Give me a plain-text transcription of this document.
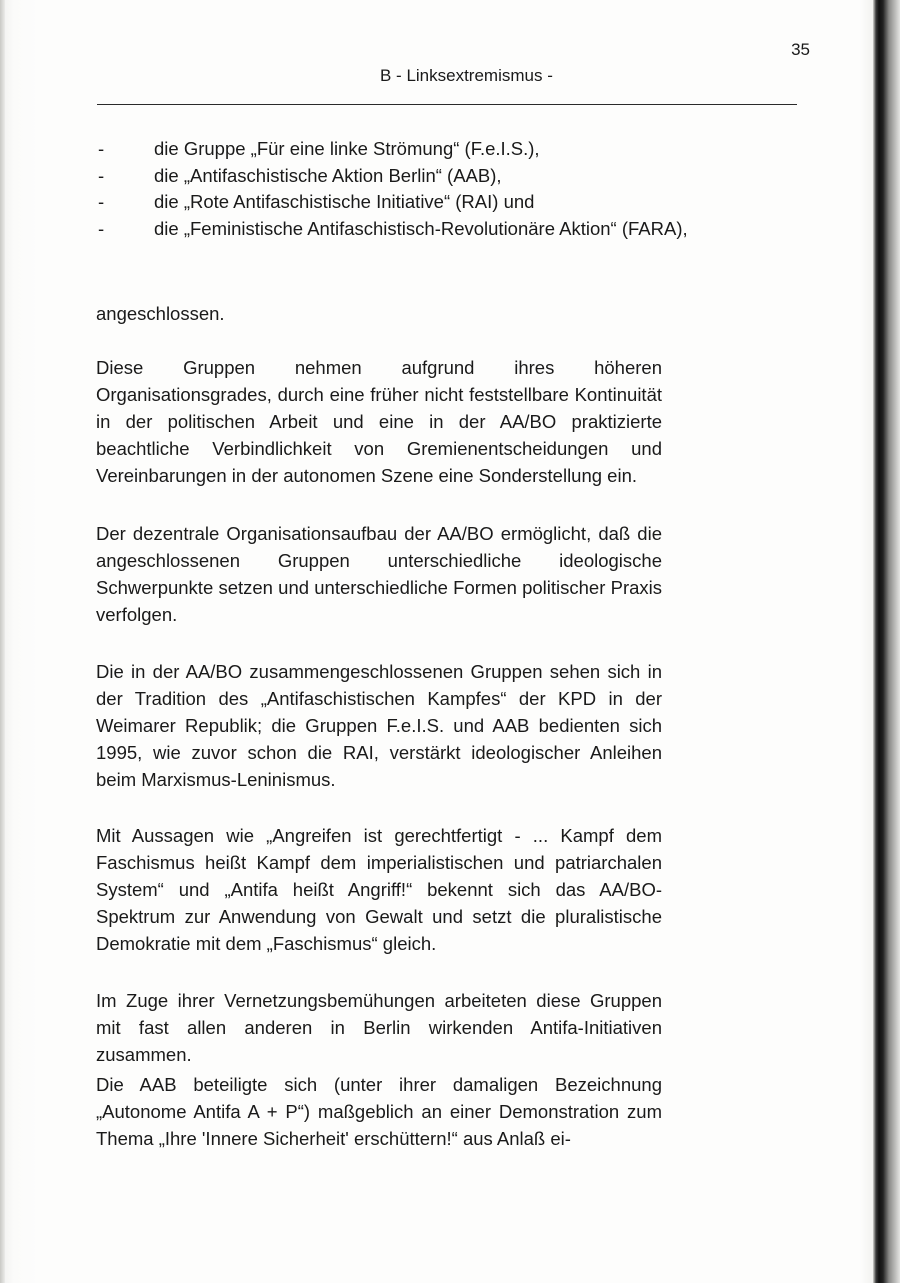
35
B - Linksextremismus -
-	die Gruppe „Für eine linke Strömung“ (F.e.I.S.),
-	die „Antifaschistische Aktion Berlin“ (AAB),
-	die „Rote Antifaschistische Initiative“ (RAI) und
-	die „Feministische Antifaschistisch-Revolutionäre Aktion“ (FARA),

angeschlossen.

Diese Gruppen nehmen aufgrund ihres höheren Organisationsgrades, durch eine früher nicht feststellbare Kontinuität in der politischen Arbeit und eine in der AA/BO praktizierte beachtliche Verbindlichkeit von Gremienentscheidungen und Vereinbarungen in der autonomen Szene eine Sonderstellung ein.

Der dezentrale Organisationsaufbau der AA/BO ermöglicht, daß die angeschlossenen Gruppen unterschiedliche ideologische Schwerpunkte setzen und unterschiedliche Formen politischer Praxis verfolgen.

Die in der AA/BO zusammengeschlossenen Gruppen sehen sich in der Tradition des „Antifaschistischen Kampfes“ der KPD in der Weimarer Republik; die Gruppen F.e.I.S. und AAB bedienten sich 1995, wie zuvor schon die RAI, verstärkt ideologischer Anleihen beim Marxismus-Leninismus.

Mit Aussagen wie „Angreifen ist gerechtfertigt - ... Kampf dem Faschismus heißt Kampf dem imperialistischen und patriarchalen System“ und „Antifa heißt Angriff!“ bekennt sich das AA/BO-Spektrum zur Anwendung von Gewalt und setzt die pluralistische Demokratie mit dem „Faschismus“ gleich.

Im Zuge ihrer Vernetzungsbemühungen arbeiteten diese Gruppen mit fast allen anderen in Berlin wirkenden Antifa-Initiativen zusammen.

Die AAB beteiligte sich (unter ihrer damaligen Bezeichnung „Autonome Antifa A + P“) maßgeblich an einer Demonstration zum Thema „Ihre 'Innere Sicherheit' erschüttern!“ aus Anlaß ei-
